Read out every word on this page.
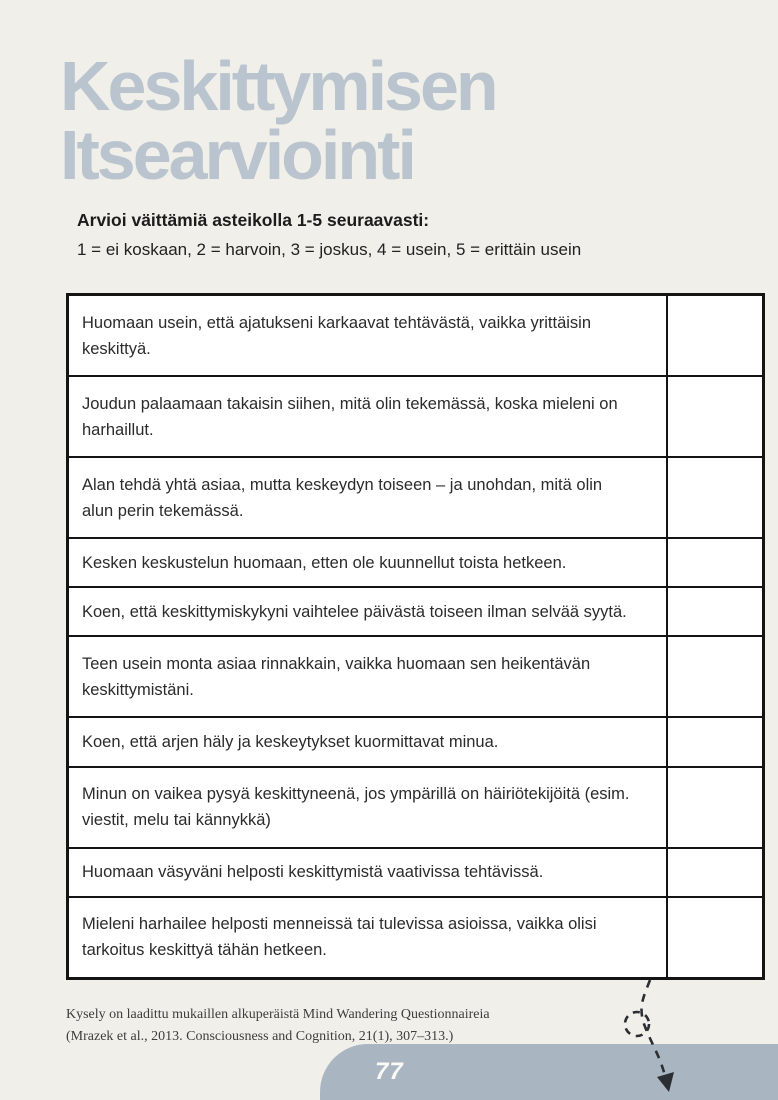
Keskittymisen
Itsearviointi
Arvioi väittämiä asteikolla 1-5 seuraavasti:
1 = ei koskaan, 2 = harvoin, 3 = joskus, 4 = usein, 5 = erittäin usein
Huomaan usein, että ajatukseni karkaavat tehtävästä, vaikka yrittäisin keskittyä.	
Joudun palaamaan takaisin siihen, mitä olin tekemässä, koska mieleni on harhaillut.	
Alan tehdä yhtä asiaa, mutta keskeydyn toiseen – ja unohdan, mitä olin alun perin tekemässä.	
Kesken keskustelun huomaan, etten ole kuunnellut toista hetkeen.	
Koen, että keskittymiskykyni vaihtelee päivästä toiseen ilman selvää syytä.	
Teen usein monta asiaa rinnakkain, vaikka huomaan sen heikentävän keskittymistäni.	
Koen, että arjen häly ja keskeytykset kuormittavat minua.	
Minun on vaikea pysyä keskittyneenä, jos ympärillä on häiriötekijöitä (esim. viestit, melu tai kännykkä)	
Huomaan väsyväni helposti keskittymistä vaativissa tehtävissä.	
Mieleni harhailee helposti menneissä tai tulevissa asioissa, vaikka olisi tarkoitus keskittyä tähän hetkeen.	
Kysely on laadittu mukaillen alkuperäistä Mind Wandering Questionnaireia
(Mrazek et al., 2013. Consciousness and Cognition, 21(1), 307–313.)
77
